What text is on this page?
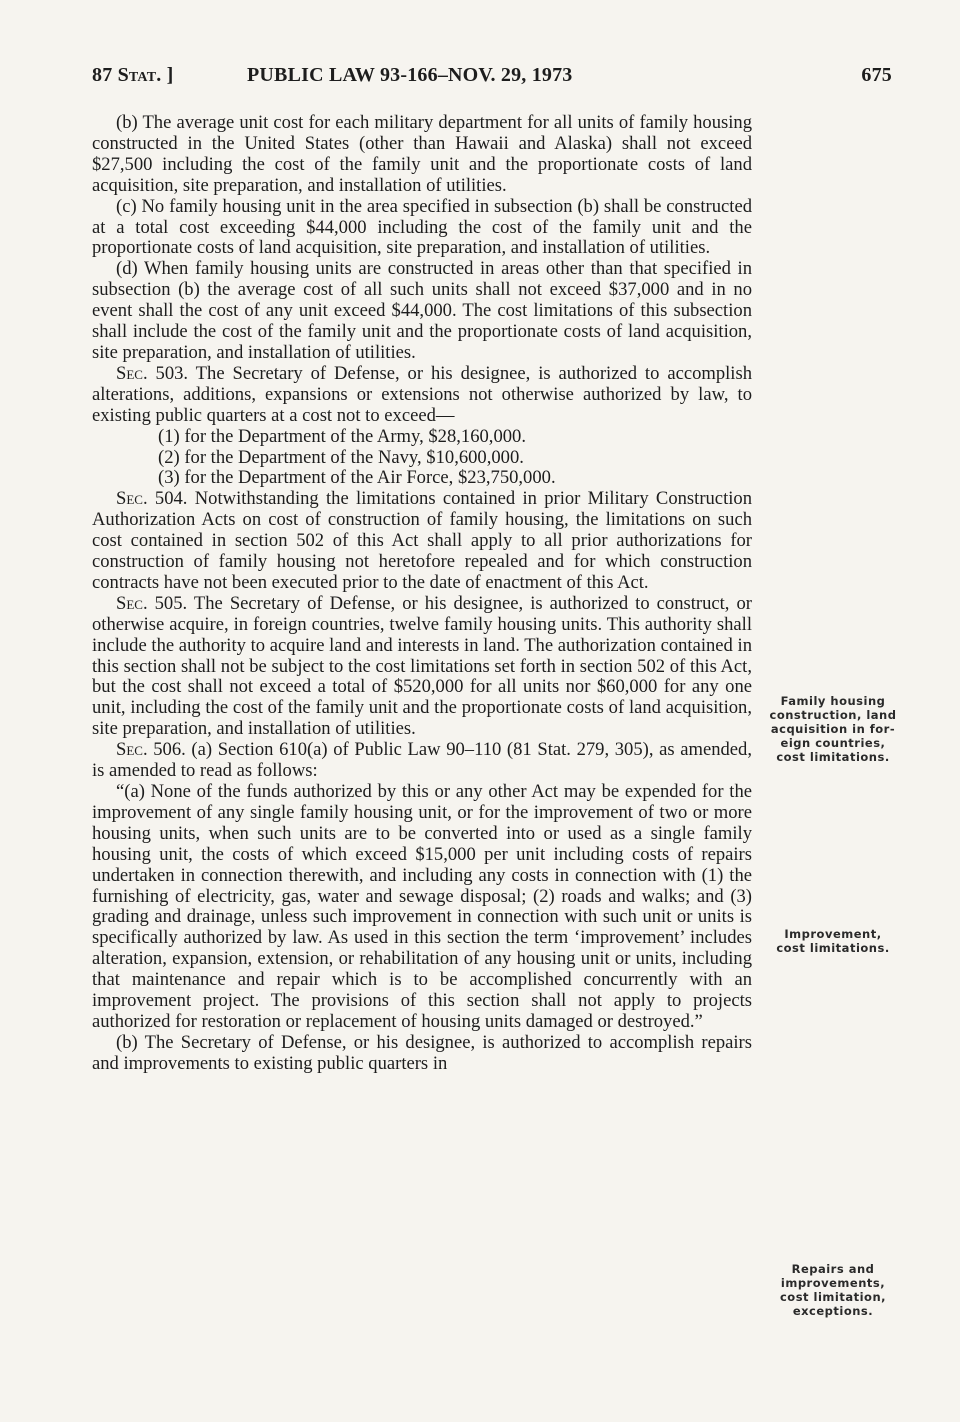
87 Stat. ]	PUBLIC LAW 93-166–NOV. 29, 1973	675

(b) The average unit cost for each military department for all units of family housing constructed in the United States (other than Hawaii and Alaska) shall not exceed $27,500 including the cost of the family unit and the proportionate costs of land acquisition, site preparation, and installation of utilities.

(c) No family housing unit in the area specified in subsection (b) shall be constructed at a total cost exceeding $44,000 including the cost of the family unit and the proportionate costs of land acquisition, site preparation, and installation of utilities.

(d) When family housing units are constructed in areas other than that specified in subsection (b) the average cost of all such units shall not exceed $37,000 and in no event shall the cost of any unit exceed $44,000. The cost limitations of this subsection shall include the cost of the family unit and the proportionate costs of land acquisition, site preparation, and installation of utilities.

Sec. 503. The Secretary of Defense, or his designee, is authorized to accomplish alterations, additions, expansions or extensions not otherwise authorized by law, to existing public quarters at a cost not to exceed—

(1) for the Department of the Army, $28,160,000.

(2) for the Department of the Navy, $10,600,000.

(3) for the Department of the Air Force, $23,750,000.

Sec. 504. Notwithstanding the limitations contained in prior Military Construction Authorization Acts on cost of construction of family housing, the limitations on such cost contained in section 502 of this Act shall apply to all prior authorizations for construction of family housing not heretofore repealed and for which construction contracts have not been executed prior to the date of enactment of this Act.

Sec. 505. The Secretary of Defense, or his designee, is authorized to construct, or otherwise acquire, in foreign countries, twelve family housing units. This authority shall include the authority to acquire land and interests in land. The authorization contained in this section shall not be subject to the cost limitations set forth in section 502 of this Act, but the cost shall not exceed a total of $520,000 for all units nor $60,000 for any one unit, including the cost of the family unit and the proportionate costs of land acquisition, site preparation, and installation of utilities.

Sec. 506. (a) Section 610(a) of Public Law 90–110 (81 Stat. 279, 305), as amended, is amended to read as follows:

“(a) None of the funds authorized by this or any other Act may be expended for the improvement of any single family housing unit, or for the improvement of two or more housing units, when such units are to be converted into or used as a single family housing unit, the costs of which exceed $15,000 per unit including costs of repairs undertaken in connection therewith, and including any costs in connection with (1) the furnishing of electricity, gas, water and sewage disposal; (2) roads and walks; and (3) grading and drainage, unless such improvement in connection with such unit or units is specifically authorized by law. As used in this section the term ‘improvement’ includes alteration, expansion, extension, or rehabilitation of any housing unit or units, including that maintenance and repair which is to be accomplished concurrently with an improvement project. The provisions of this section shall not apply to projects authorized for restoration or replacement of housing units damaged or destroyed.”

(b) The Secretary of Defense, or his designee, is authorized to accomplish repairs and improvements to existing public quarters in

Family housing
construction, land
acquisition in for-
eign countries,
cost limitations.
Improvement,
cost limitations.
Repairs and
improvements,
cost limitation,
exceptions.
